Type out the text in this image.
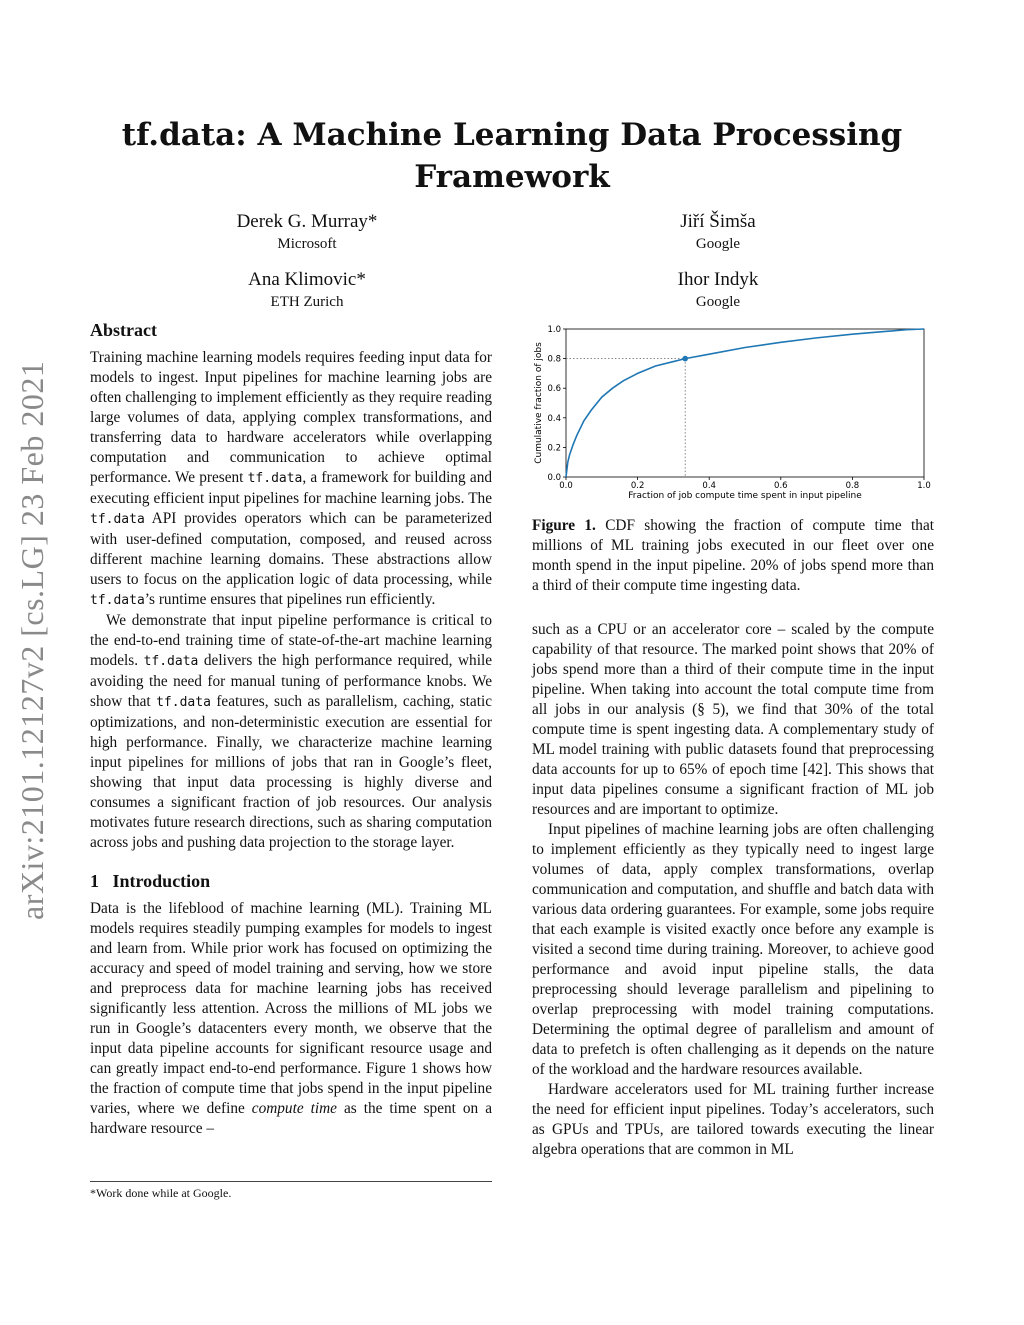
arXiv:2101.12127v2 [cs.LG] 23 Feb 2021
tf.data: A Machine Learning Data Processing Framework
Derek G. Murray*
Microsoft
Jiří Šimša
Google
Ana Klimovic*
ETH Zurich
Ihor Indyk
Google
Abstract

Training machine learning models requires feeding input data for models to ingest. Input pipelines for machine learning jobs are often challenging to implement efficiently as they require reading large volumes of data, applying complex transformations, and transferring data to hardware accelerators while overlapping computation and communication to achieve optimal performance. We present tf.data, a framework for building and executing efficient input pipelines for machine learning jobs. The tf.data API provides operators which can be parameterized with user-defined computation, composed, and reused across different machine learning domains. These abstractions allow users to focus on the application logic of data processing, while tf.data’s runtime ensures that pipelines run efficiently.

We demonstrate that input pipeline performance is critical to the end-to-end training time of state-of-the-art machine learning models. tf.data delivers the high performance required, while avoiding the need for manual tuning of performance knobs. We show that tf.data features, such as parallelism, caching, static optimizations, and non-deterministic execution are essential for high performance. Finally, we characterize machine learning input pipelines for millions of jobs that ran in Google’s fleet, showing that input data processing is highly diverse and consumes a significant fraction of job resources. Our analysis motivates future research directions, such as sharing computation across jobs and pushing data projection to the storage layer.

1   Introduction

Data is the lifeblood of machine learning (ML). Training ML models requires steadily pumping examples for models to ingest and learn from. While prior work has focused on optimizing the accuracy and speed of model training and serving, how we store and preprocess data for machine learning jobs has received significantly less attention. Across the millions of ML jobs we run in Google’s datacenters every month, we observe that the input data pipeline accounts for significant resource usage and can greatly impact end-to-end performance. Figure 1 shows how the fraction of compute time that jobs spend in the input pipeline varies, where we define compute time as the time spent on a hardware resource –

*Work done while at Google.
0.0	0.2	0.4	0.6	0.8	1.0
0.0
0.2
0.4
0.6
0.8
1.0
Fraction of job compute time spent in input pipeline
Cumulative fraction of jobs
Figure 1. CDF showing the fraction of compute time that millions of ML training jobs executed in our fleet over one month spend in the input pipeline. 20% of jobs spend more than a third of their compute time ingesting data.

such as a CPU or an accelerator core – scaled by the compute capability of that resource. The marked point shows that 20% of jobs spend more than a third of their compute time in the input pipeline. When taking into account the total compute time from all jobs in our analysis (§ 5), we find that 30% of the total compute time is spent ingesting data. A complementary study of ML model training with public datasets found that preprocessing data accounts for up to 65% of epoch time [42]. This shows that input data pipelines consume a significant fraction of ML job resources and are important to optimize.

Input pipelines of machine learning jobs are often challenging to implement efficiently as they typically need to ingest large volumes of data, apply complex transformations, overlap communication and computation, and shuffle and batch data with various data ordering guarantees. For example, some jobs require that each example is visited exactly once before any example is visited a second time during training. Moreover, to achieve good performance and avoid input pipeline stalls, the data preprocessing should leverage parallelism and pipelining to overlap preprocessing with model training computations. Determining the optimal degree of parallelism and amount of data to prefetch is often challenging as it depends on the nature of the workload and the hardware resources available.

Hardware accelerators used for ML training further increase the need for efficient input pipelines. Today’s accelerators, such as GPUs and TPUs, are tailored towards executing the linear algebra operations that are common in ML
